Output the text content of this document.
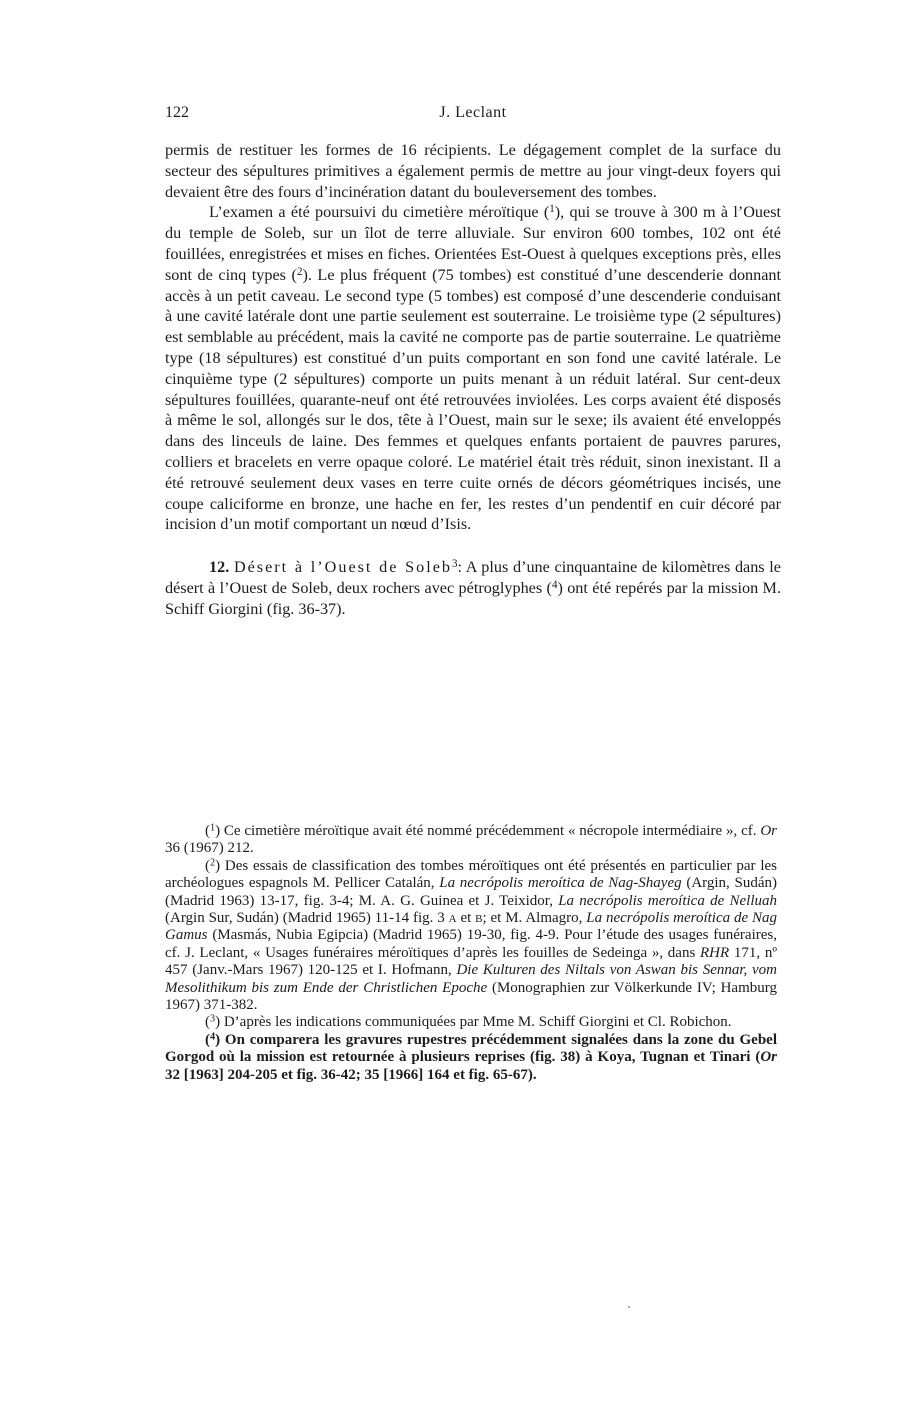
122	J. Leclant

permis de restituer les formes de 16 récipients. Le dégagement complet de la surface du secteur des sépultures primitives a également permis de mettre au jour vingt-deux foyers qui devaient être des fours d’incinération datant du bouleversement des tombes.

L’examen a été poursuivi du cimetière méroïtique ($^1$), qui se trouve à 300 m à l’Ouest du temple de Soleb, sur un îlot de terre alluviale. Sur environ 600 tombes, 102 ont été fouillées, enregistrées et mises en fiches. Orientées Est-Ouest à quelques exceptions près, elles sont de cinq types ($^2$). Le plus fréquent (75 tombes) est constitué d’une descenderie donnant accès à un petit caveau. Le second type (5 tombes) est composé d’une descenderie conduisant à une cavité latérale dont une partie seulement est souterraine. Le troisième type (2 sépultures) est semblable au précédent, mais la cavité ne comporte pas de partie souterraine. Le quatrième type (18 sépultures) est constitué d’un puits comportant en son fond une cavité latérale. Le cinquième type (2 sépultures) comporte un puits menant à un réduit latéral. Sur cent-deux sépultures fouillées, quarante-neuf ont été retrouvées inviolées. Les corps avaient été disposés à même le sol, allongés sur le dos, tête à l’Ouest, main sur le sexe; ils avaient été enveloppés dans des linceuls de laine. Des femmes et quelques enfants portaient de pauvres parures, colliers et bracelets en verre opaque coloré. Le matériel était très réduit, sinon inexistant. Il a été retrouvé seulement deux vases en terre cuite ornés de décors géométriques incisés, une coupe caliciforme en bronze, une hache en fer, les restes d’un pendentif en cuir décoré par incision d’un motif comportant un nœud d’Isis.

12. Désert à l’Ouest de Soleb$^3$: A plus d’une cinquantaine de kilomètres dans le désert à l’Ouest de Soleb, deux rochers avec pétroglyphes ($^4$) ont été repérés par la mission M. Schiff Giorgini (fig. 36-37).

($^1$) Ce cimetière méroïtique avait été nommé précédemment « nécropole intermédiaire », cf. Or 36 (1967) 212.

($^2$) Des essais de classification des tombes méroïtiques ont été présentés en particulier par les archéologues espagnols M. Pellicer Catalán, La necrópolis meroítica de Nag-Shayeg (Argin, Sudán) (Madrid 1963) 13-17, fig. 3-4; M. A. G. Guinea et J. Teixidor, La necrópolis meroítica de Nelluah (Argin Sur, Sudán) (Madrid 1965) 11-14 fig. 3 a et b; et M. Almagro, La necrópolis meroítica de Nag Gamus (Masmás, Nubia Egipcia) (Madrid 1965) 19-30, fig. 4-9. Pour l’étude des usages funéraires, cf. J. Leclant, « Usages funéraires méroïtiques d’après les fouilles de Sedeinga », dans RHR 171, nº 457 (Janv.-Mars 1967) 120-125 et I. Hofmann, Die Kulturen des Niltals von Aswan bis Sennar, vom Mesolithikum bis zum Ende der Christlichen Epoche (Monographien zur Völkerkunde IV; Hamburg 1967) 371-382.

($^3$) D’après les indications communiquées par Mme M. Schiff Giorgini et Cl. Robichon.

($^4$) On comparera les gravures rupestres précédemment signalées dans la zone du Gebel Gorgod où la mission est retournée à plusieurs reprises (fig. 38) à Koya, Tugnan et Tinari (Or 32 [1963] 204-205 et fig. 36-42; 35 [1966] 164 et fig. 65-67).
